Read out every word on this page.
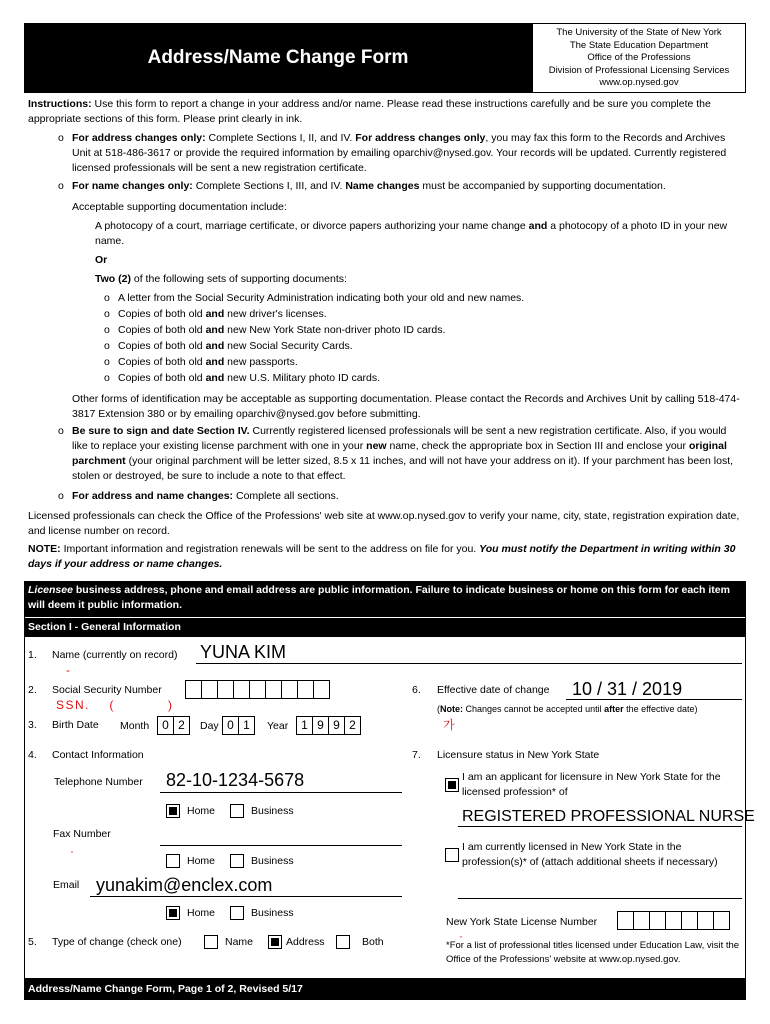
Address/Name Change Form
The University of the State of New York
The State Education Department
Office of the Professions
Division of Professional Licensing Services
www.op.nysed.gov
Instructions: Use this form to report a change in your address and/or name. Please read these instructions carefully and be sure you complete the appropriate sections of this form. Please print clearly in ink.
o For address changes only: Complete Sections I, II, and IV. For address changes only, you may fax this form to the Records and Archives Unit at 518-486-3617 or provide the required information by emailing oparchiv@nysed.gov. Your records will be updated. Currently registered licensed professionals will be sent a new registration certificate.
o For name changes only: Complete Sections I, III, and IV. Name changes must be accompanied by supporting documentation.
Acceptable supporting documentation include:
A photocopy of a court, marriage certificate, or divorce papers authorizing your name change and a photocopy of a photo ID in your new name.
Or
Two (2) of the following sets of supporting documents:
o A letter from the Social Security Administration indicating both your old and new names.
o Copies of both old and new driver's licenses.
o Copies of both old and new New York State non-driver photo ID cards.
o Copies of both old and new Social Security Cards.
o Copies of both old and new passports.
o Copies of both old and new U.S. Military photo ID cards.
Other forms of identification may be acceptable as supporting documentation. Please contact the Records and Archives Unit by calling 518-474-3817 Extension 380 or by emailing oparchiv@nysed.gov before submitting.
o Be sure to sign and date Section IV. Currently registered licensed professionals will be sent a new registration certificate. Also, if you would like to replace your existing license parchment with one in your new name, check the appropriate box in Section III and enclose your original parchment (your original parchment will be letter sized, 8.5 x 11 inches, and will not have your address on it). If your parchment has been lost, stolen or destroyed, be sure to include a note to that effect.
o For address and name changes: Complete all sections.
Licensed professionals can check the Office of the Professions' web site at www.op.nysed.gov to verify your name, city, state, registration expiration date, and license number on record.
NOTE: Important information and registration renewals will be sent to the address on file for you. You must notify the Department in writing within 30 days if your address or name changes.
Licensee business address, phone and email address are public information. Failure to indicate business or home on this form for each item will deem it public information.
Section I - General Information
1. Name (currently on record) YUNA KIM
-
2. Social Security Number
SSN.    (           )
3. Birth Date Month	0 2	Day 0 1	Year	1 9 9 2
4. Contact Information
Telephone Number 82-10-1234-5678
Home	Business
Fax Number
·
Home	Business
Email yunakim@enclex.com
Home	Business
5. Type of change (check one)	Name	Address	Both
6. Effective date of change 10 / 31 / 2019
(Note: Changes cannot be accepted until after the effective date)
가
7. Licensure status in New York State
I am an applicant for licensure in New York State for the licensed profession* of
REGISTERED PROFESSIONAL NURSE
I am currently licensed in New York State in the profession(s)* of (attach additional sheets if necessary)
New York State License Number
·
*For a list of professional titles licensed under Education Law, visit the Office of the Professions' website at www.op.nysed.gov.
Address/Name Change Form, Page 1 of 2, Revised 5/17
